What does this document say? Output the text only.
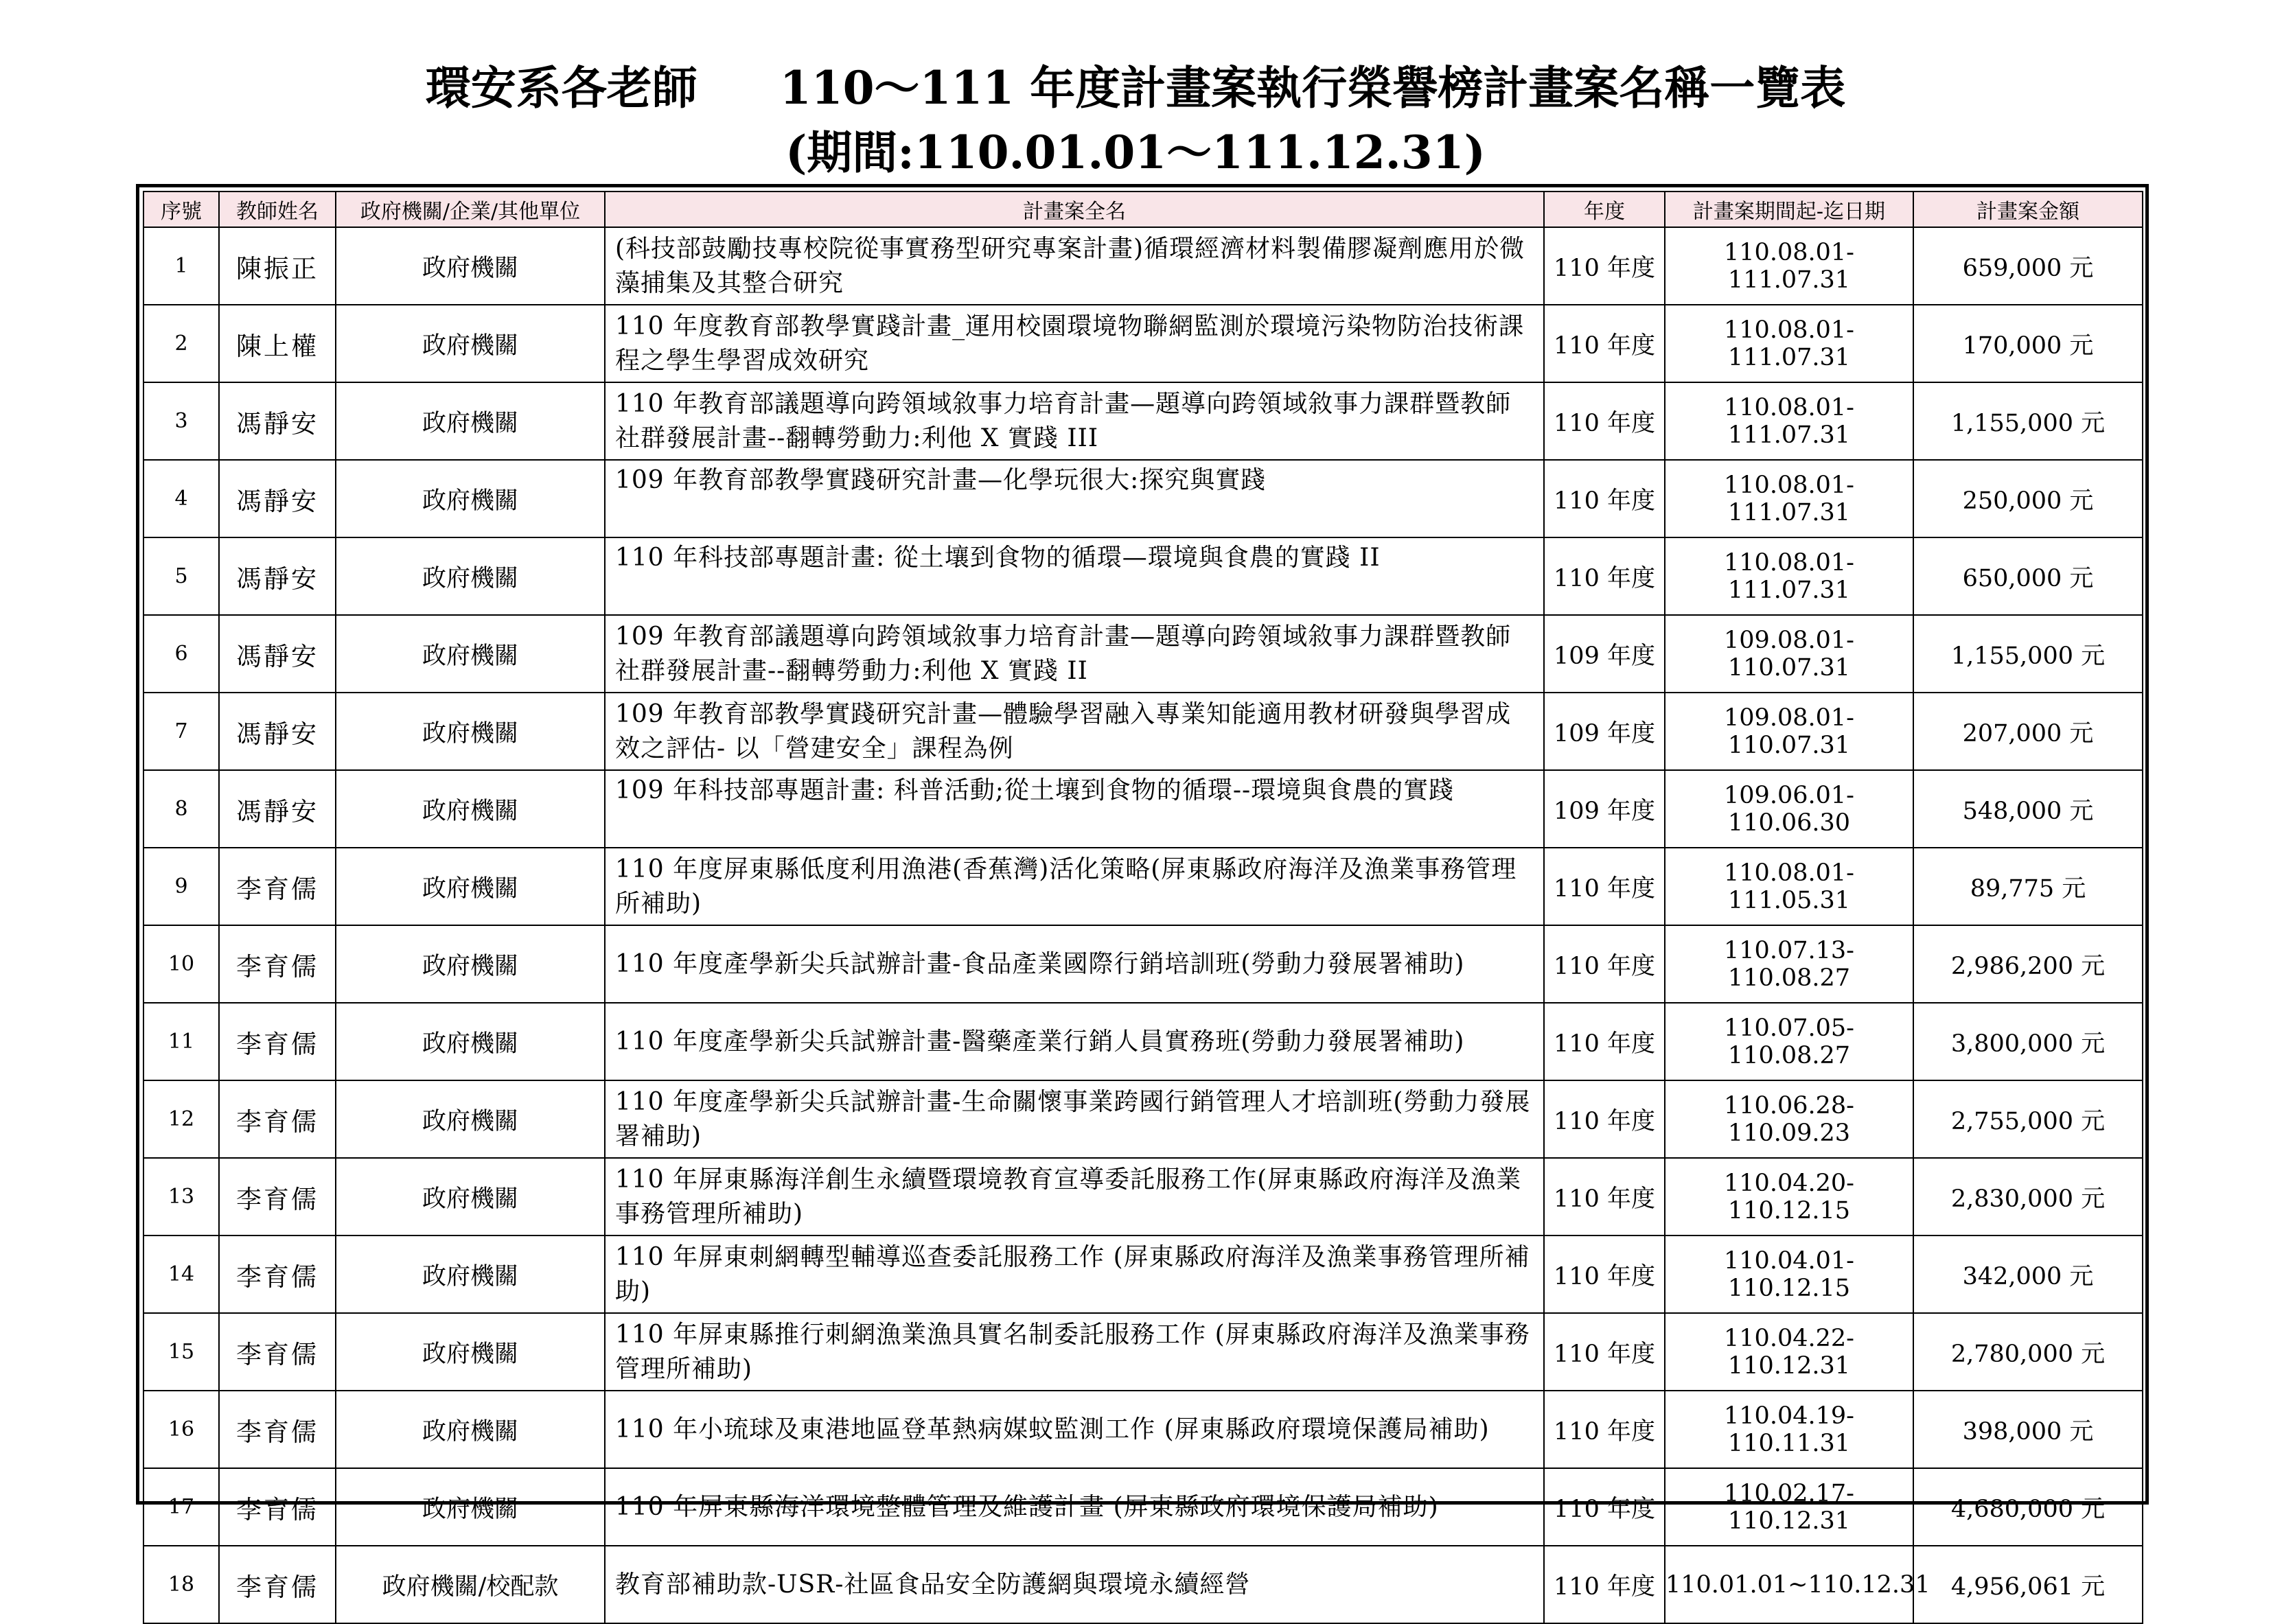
環安系各老師 110～111 年度計畫案執行榮譽榜計畫案名稱一覽表
(期間:110.01.01～111.12.31)
序號	教師姓名	政府機關/企業/其他單位	計畫案全名	年度	計畫案期間起-迄日期	計畫案金額
1	陳振正	政府機關	(科技部鼓勵技專校院從事實務型研究專案計畫)循環經濟材料製備膠凝劑應用於微藻捕集及其整合研究	110 年度	110.08.01-111.07.31	659,000 元
2	陳上權	政府機關	110 年度教育部教學實踐計畫_運用校園環境物聯網監測於環境污染物防治技術課程之學生學習成效研究	110 年度	110.08.01-111.07.31	170,000 元
3	馮靜安	政府機關	110 年教育部議題導向跨領域敘事力培育計畫—題導向跨領域敘事力課群暨教師社群發展計畫--翻轉勞動力:利他 X 實踐 III	110 年度	110.08.01-111.07.31	1,155,000 元
4	馮靜安	政府機關	109 年教育部教學實踐研究計畫—化學玩很大:探究與實踐	110 年度	110.08.01-111.07.31	250,000 元
5	馮靜安	政府機關	110 年科技部專題計畫: 從土壤到食物的循環—環境與食農的實踐 II	110 年度	110.08.01-111.07.31	650,000 元
6	馮靜安	政府機關	109 年教育部議題導向跨領域敘事力培育計畫—題導向跨領域敘事力課群暨教師社群發展計畫--翻轉勞動力:利他 X 實踐 II	109 年度	109.08.01-110.07.31	1,155,000 元
7	馮靜安	政府機關	109 年教育部教學實踐研究計畫—體驗學習融入專業知能適用教材研發與學習成效之評估- 以「營建安全」課程為例	109 年度	109.08.01-110.07.31	207,000 元
8	馮靜安	政府機關	109 年科技部專題計畫: 科普活動;從土壤到食物的循環--環境與食農的實踐	109 年度	109.06.01-110.06.30	548,000 元
9	李育儒	政府機關	110 年度屏東縣低度利用漁港(香蕉灣)活化策略(屏東縣政府海洋及漁業事務管理所補助)	110 年度	110.08.01-111.05.31	89,775 元
10	李育儒	政府機關	110 年度產學新尖兵試辦計畫-食品產業國際行銷培訓班(勞動力發展署補助)	110 年度	110.07.13-110.08.27	2,986,200 元
11	李育儒	政府機關	110 年度產學新尖兵試辦計畫-醫藥產業行銷人員實務班(勞動力發展署補助)	110 年度	110.07.05-110.08.27	3,800,000 元
12	李育儒	政府機關	110 年度產學新尖兵試辦計畫-生命關懷事業跨國行銷管理人才培訓班(勞動力發展署補助)	110 年度	110.06.28-110.09.23	2,755,000 元
13	李育儒	政府機關	110 年屏東縣海洋創生永續暨環境教育宣導委託服務工作(屏東縣政府海洋及漁業事務管理所補助)	110 年度	110.04.20-110.12.15	2,830,000 元
14	李育儒	政府機關	110 年屏東刺網轉型輔導巡查委託服務工作 (屏東縣政府海洋及漁業事務管理所補助)	110 年度	110.04.01-110.12.15	342,000 元
15	李育儒	政府機關	110 年屏東縣推行刺網漁業漁具實名制委託服務工作 (屏東縣政府海洋及漁業事務管理所補助)	110 年度	110.04.22-110.12.31	2,780,000 元
16	李育儒	政府機關	110 年小琉球及東港地區登革熱病媒蚊監測工作 (屏東縣政府環境保護局補助)	110 年度	110.04.19-110.11.31	398,000 元
17	李育儒	政府機關	110 年屏東縣海洋環境整體管理及維護計畫 (屏東縣政府環境保護局補助)	110 年度	110.02.17-110.12.31	4,680,000 元
18	李育儒	政府機關/校配款	教育部補助款-USR-社區食品安全防護網與環境永續經營	110 年度	110.01.01~110.12.31	4,956,061 元
